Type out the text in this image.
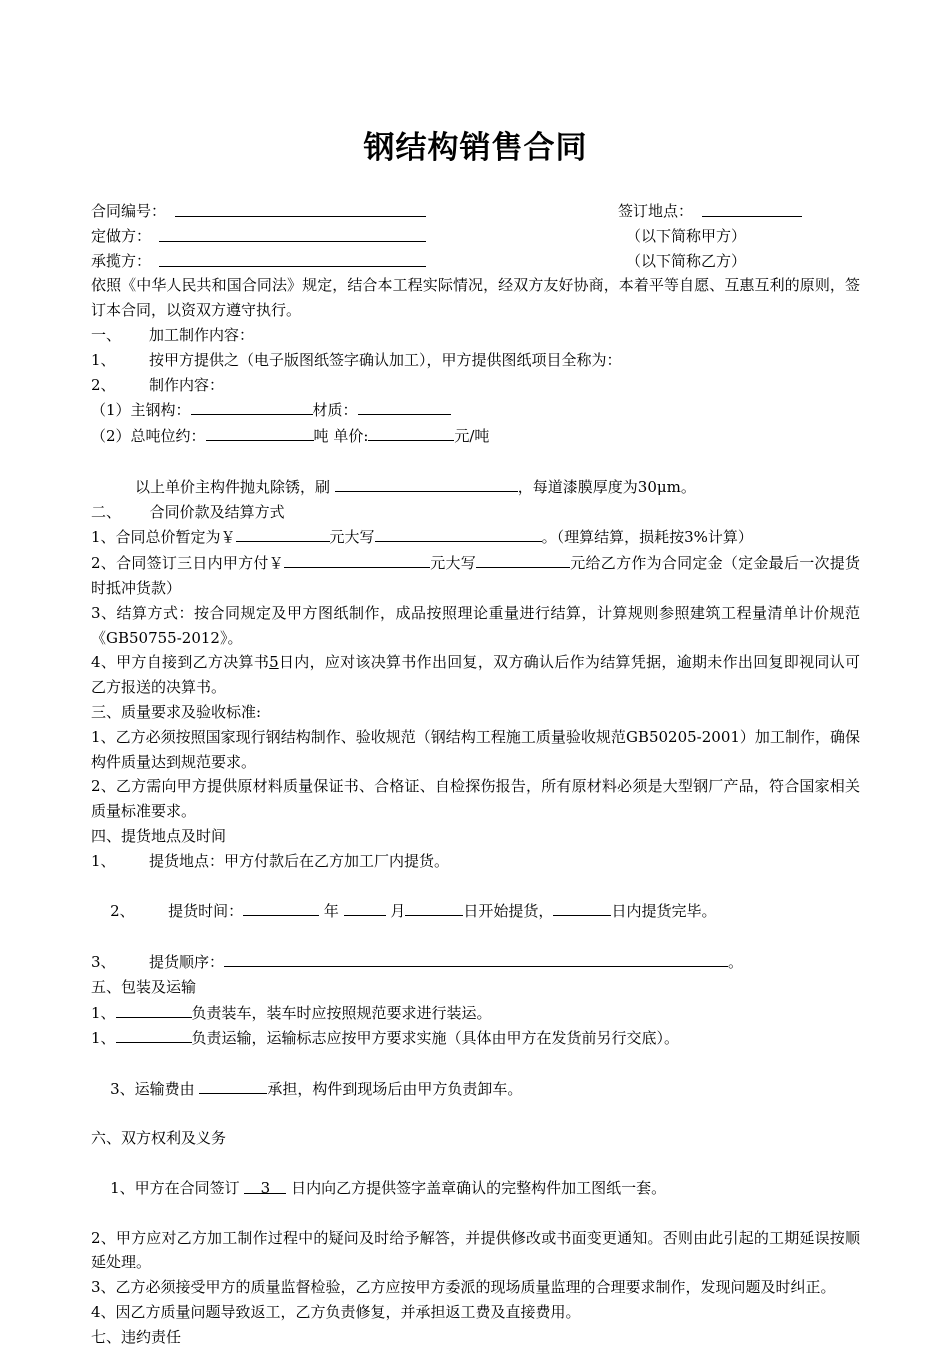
钢结构销售合同
合同编号：	签订地点：
定做方：	（以下简称甲方）
承揽方：	（以下简称乙方）

依照《中华人民共和国合同法》规定，结合本工程实际情况，经双方友好协商，本着平等自愿、互惠互利的原则，签订本合同，以资双方遵守执行。

一、 加工制作内容：
1、 按甲方提供之（电子版图纸签字确认加工），甲方提供图纸项目全称为：
2、 制作内容：
（1）主钢构：	材质：
（2）总吨位约：	吨 单价:	元/吨
以上单价主构件抛丸除锈，刷	，每道漆膜厚度为30μm。
二、      合同价款及结算方式
1、合同总价暂定为￥	元大写	。（理算结算，损耗按3%计算）

2、合同签订三日内甲方付￥	元大写	元给乙方作为合同定金（定金最后一次提货时抵冲货款）

3、结算方式：按合同规定及甲方图纸制作，成品按照理论重量进行结算，计算规则参照建筑工程量清单计价规范《GB50755-2012》。

4、甲方自接到乙方决算书5日内，应对该决算书作出回复，双方确认后作为结算凭据，逾期未作出回复即视同认可乙方报送的决算书。

三、质量要求及验收标准:

1、乙方必须按照国家现行钢结构制作、验收规范（钢结构工程施工质量验收规范GB50205-2001）加工制作，确保构件质量达到规范要求。

2、乙方需向甲方提供原材料质量保证书、合格证、自检探伤报告，所有原材料必须是大型钢厂产品，符合国家相关质量标准要求。

四、提货地点及时间
1、 提货地点：甲方付款后在乙方加工厂内提货。

2、 提货时间：	年	月	日开始提货，	日内提货完毕。

3、 提货顺序：	。
五、包装及运输
1、	负责装车，装车时应按照规范要求进行装运。
1、	负责运输，运输标志应按甲方要求实施（具体由甲方在发货前另行交底）。

3、运输费由	承担，构件到现场后由甲方负责卸车。

六、双方权利及义务

1、甲方在合同签订 3 日内向乙方提供签字盖章确认的完整构件加工图纸一套。

2、甲方应对乙方加工制作过程中的疑问及时给予解答，并提供修改或书面变更通知。否则由此引起的工期延误按顺延处理。

3、乙方必须接受甲方的质量监督检验，乙方应按甲方委派的现场质量监理的合理要求制作，发现问题及时纠正。

4、因乙方质量问题导致返工，乙方负责修复，并承担返工费及直接费用。

七、违约责任
